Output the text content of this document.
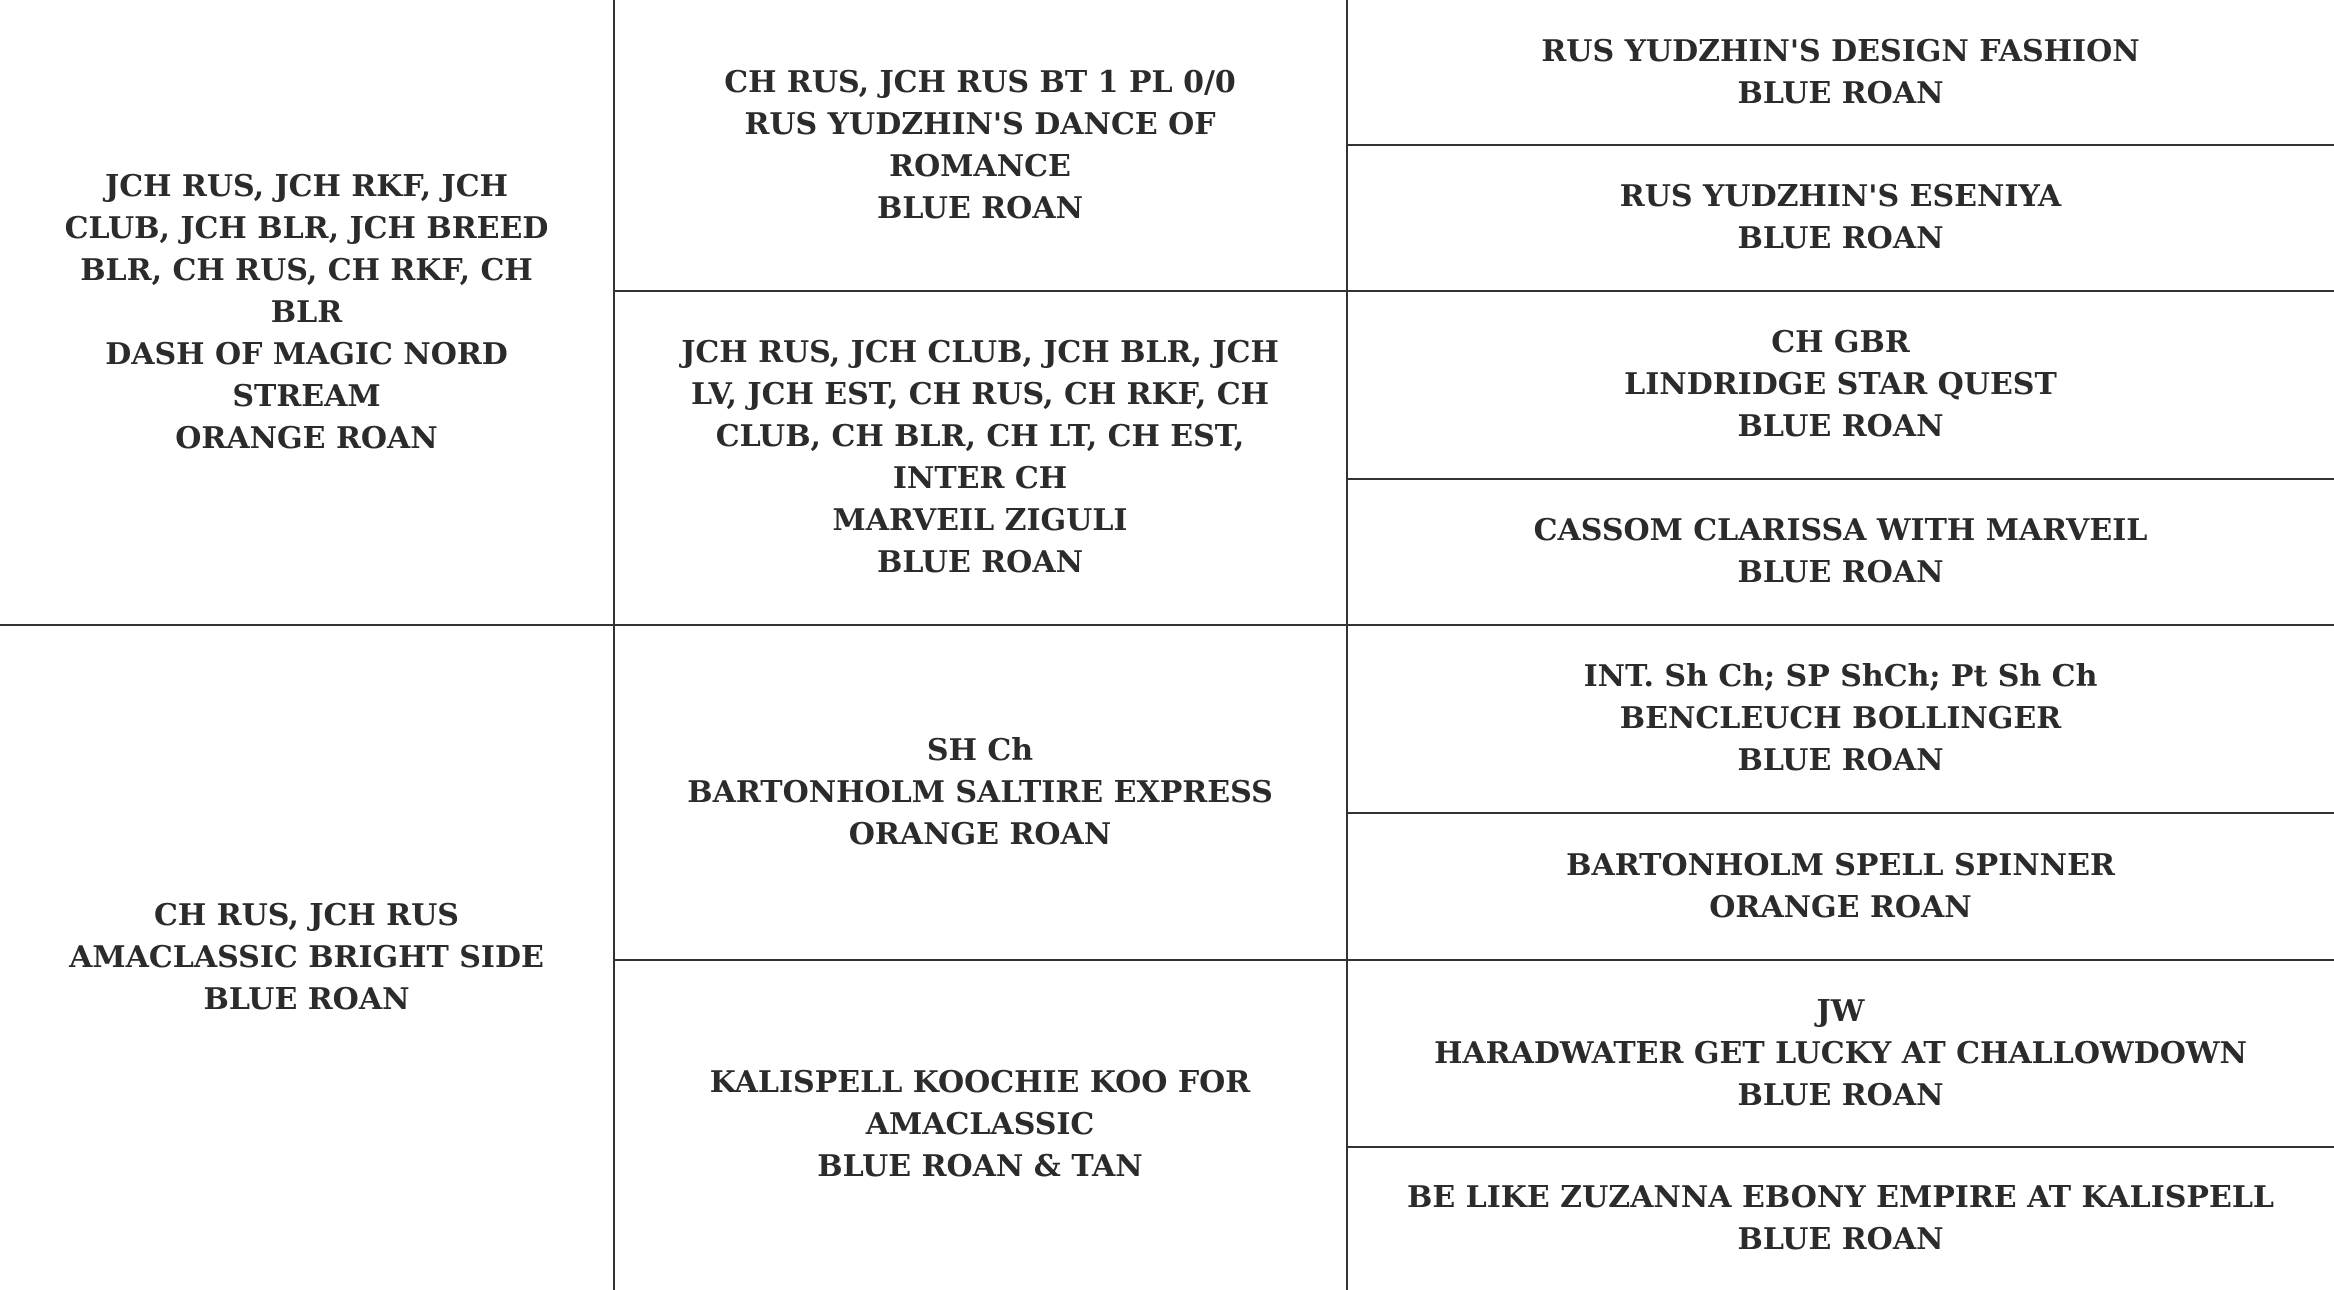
JCH RUS, JCH RKF, JCH CLUB, JCH BLR, JCH BREED BLR, CH RUS, CH RKF, CH BLR
DASH OF MAGIC NORD STREAM
ORANGE ROAN
CH RUS, JCH RUS
AMACLASSIC BRIGHT SIDE
BLUE ROAN
CH RUS, JCH RUS BT 1 PL 0/0
RUS YUDZHIN'S DANCE OF ROMANCE
BLUE ROAN
JCH RUS, JCH CLUB, JCH BLR, JCH LV, JCH EST, CH RUS, CH RKF, CH CLUB, CH BLR, CH LT, CH EST, INTER CH
MARVEIL ZIGULI
BLUE ROAN
SH Ch
BARTONHOLM SALTIRE EXPRESS
ORANGE ROAN
KALISPELL KOOCHIE KOO FOR AMACLASSIC
BLUE ROAN & TAN
RUS YUDZHIN'S DESIGN FASHION
BLUE ROAN
RUS YUDZHIN'S ESENIYA
BLUE ROAN
CH GBR
LINDRIDGE STAR QUEST
BLUE ROAN
CASSOM CLARISSA WITH MARVEIL
BLUE ROAN
INT. Sh Ch; SP ShCh; Pt Sh Ch
BENCLEUCH BOLLINGER
BLUE ROAN
BARTONHOLM SPELL SPINNER
ORANGE ROAN
JW
HARADWATER GET LUCKY AT CHALLOWDOWN
BLUE ROAN
BE LIKE ZUZANNA EBONY EMPIRE AT KALISPELL
BLUE ROAN
